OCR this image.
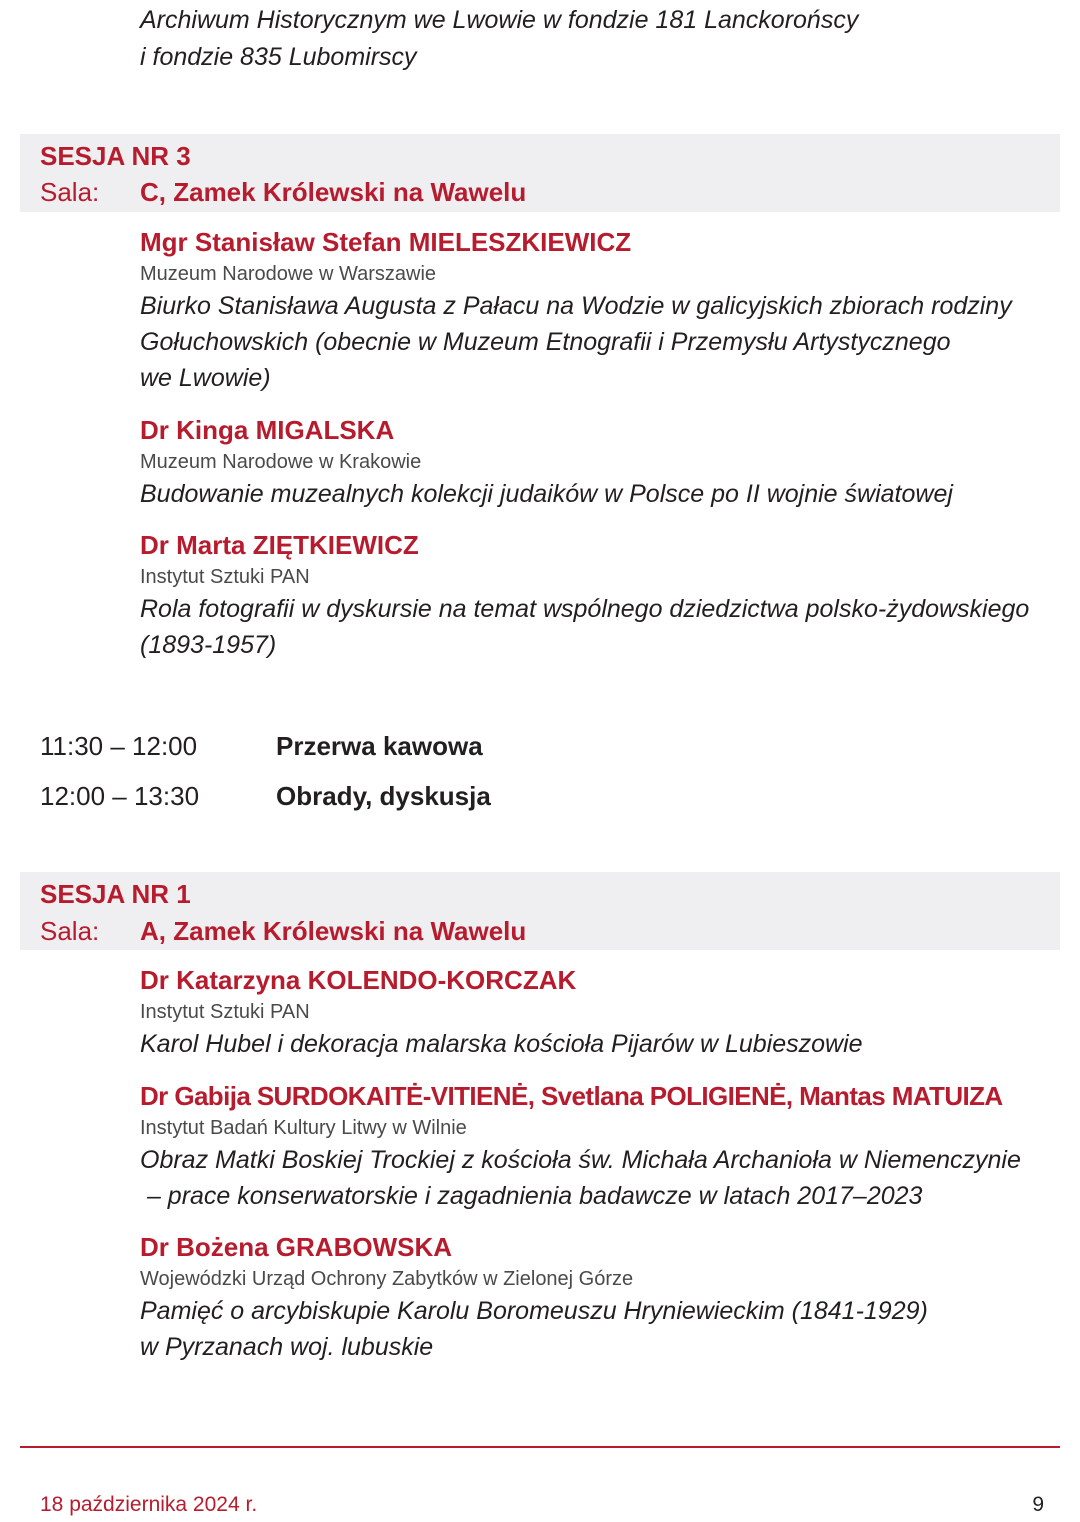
Archiwum Historycznym we Lwowie w fondzie 181 Lanckorońscy
i fondzie 835 Lubomirscy
SESJA NR 3
Sala: C, Zamek Królewski na Wawelu
Mgr Stanisław Stefan MIELESZKIEWICZ
Muzeum Narodowe w Warszawie
Biurko Stanisława Augusta z Pałacu na Wodzie w galicyjskich zbiorach rodziny
Gołuchowskich (obecnie w Muzeum Etnografii i Przemysłu Artystycznego
we Lwowie)
Dr Kinga MIGALSKA
Muzeum Narodowe w Krakowie
Budowanie muzealnych kolekcji judaików w Polsce po II wojnie światowej
Dr Marta ZIĘTKIEWICZ
Instytut Sztuki PAN
Rola fotografii w dyskursie na temat wspólnego dziedzictwa polsko-żydowskiego
(1893-1957)
11:30 – 12:00	Przerwa kawowa
12:00 – 13:30	Obrady, dyskusja
SESJA NR 1
Sala: A, Zamek Królewski na Wawelu
Dr Katarzyna KOLENDO-KORCZAK
Instytut Sztuki PAN
Karol Hubel i dekoracja malarska kościoła Pijarów w Lubieszowie
Dr Gabija SURDOKAITĖ-VITIENĖ, Svetlana POLIGIENĖ, Mantas MATUIZA
Instytut Badań Kultury Litwy w Wilnie
Obraz Matki Boskiej Trockiej z kościoła św. Michała Archanioła w Niemenczynie
– prace konserwatorskie i zagadnienia badawcze w latach 2017–2023
Dr Bożena GRABOWSKA
Wojewódzki Urząd Ochrony Zabytków w Zielonej Górze
Pamięć o arcybiskupie Karolu Boromeuszu Hryniewieckim (1841-1929)
w Pyrzanach woj. lubuskie
18 października 2024 r.	9
